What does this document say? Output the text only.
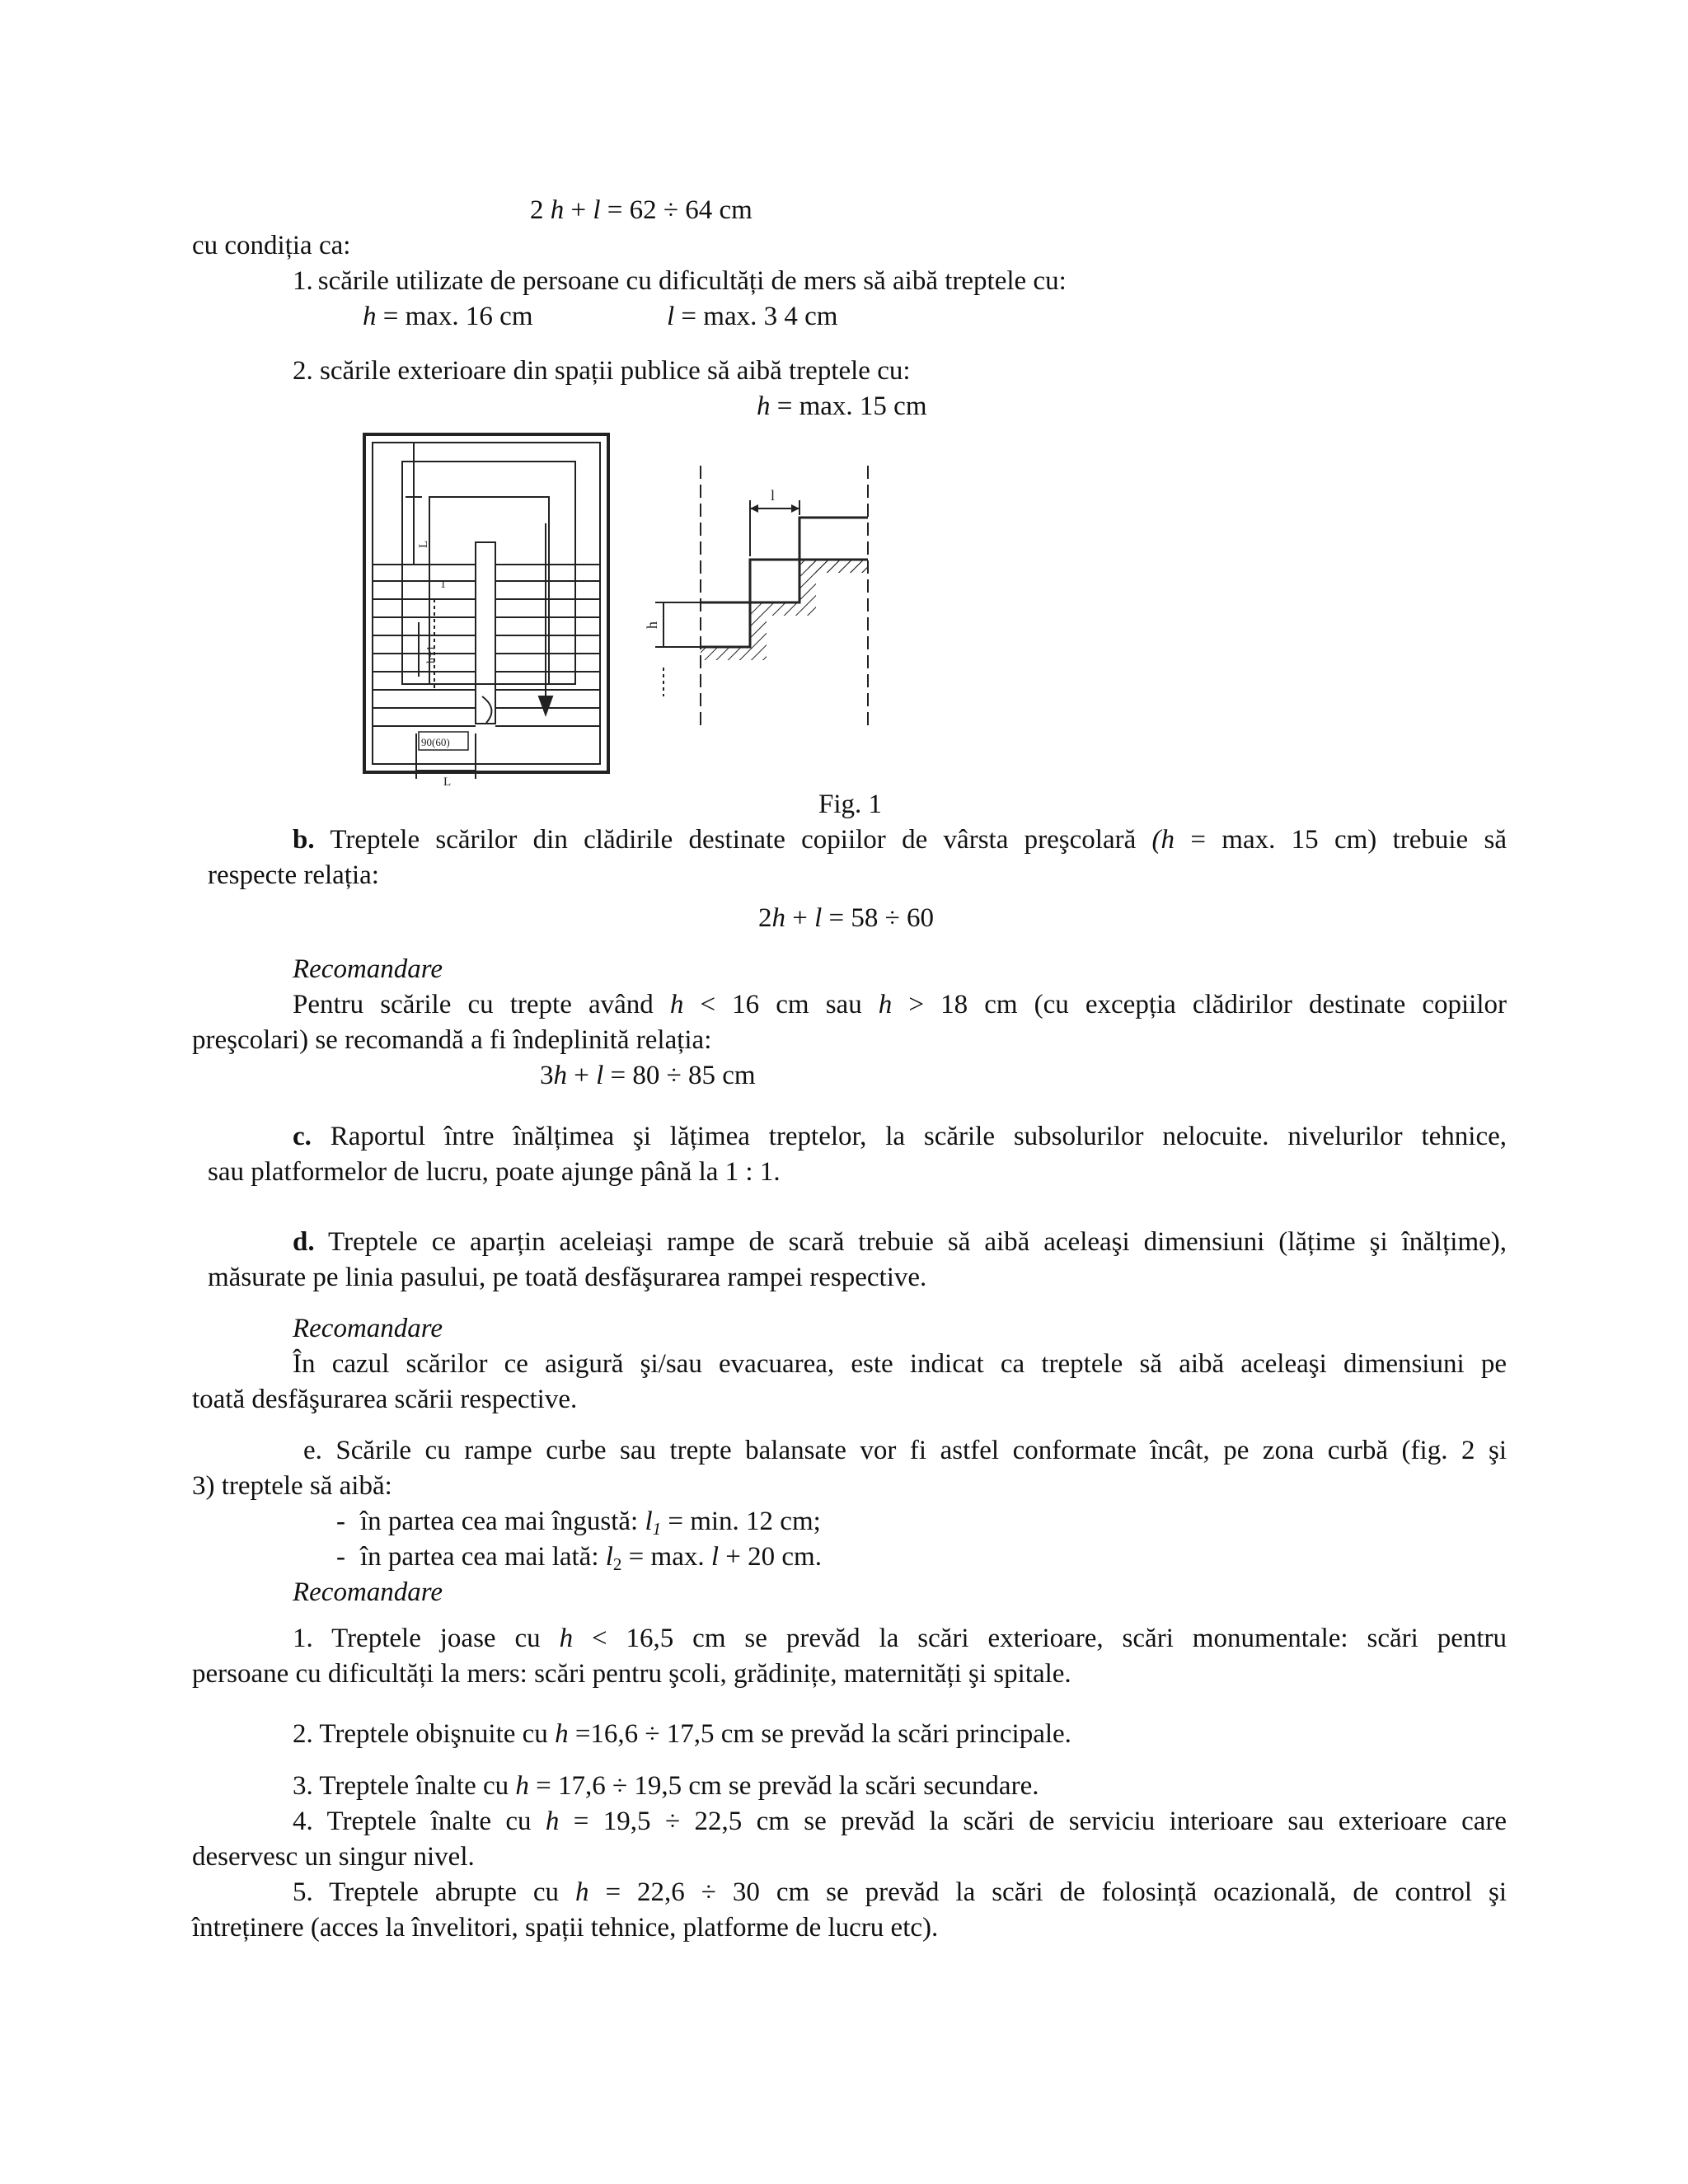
2 h + l = 62 ÷ 64 cm
cu condiția ca:
1. scările utilizate de persoane cu dificultăți de mers să aibă treptele cu:
h = max. 16 cm	l = max. 3 4 cm
2. scările exterioare din spații publice să aibă treptele cu:
h = max. 15 cm
L
h+1
1
L
90(60)
l
h
Fig. 1
b. Treptele scărilor din clădirile destinate copiilor de vârsta preşcolară (h = max. 15 cm) trebuie să
respecte relația:
2h + l = 58 ÷ 60
Recomandare
Pentru scările cu trepte având h < 16 cm sau h > 18 cm (cu excepția clădirilor destinate copiilor
preşcolari) se recomandă a fi îndeplinită relația:
3h + l = 80 ÷ 85 cm
c. Raportul între înălțimea şi lățimea treptelor, la scările subsolurilor nelocuite. nivelurilor tehnice,
sau platformelor de lucru, poate ajunge până la 1 : 1.
d. Treptele ce aparțin aceleiaşi rampe de scară trebuie să aibă aceleaşi dimensiuni (lățime şi înălțime),
măsurate pe linia pasului, pe toată desfăşurarea rampei respective.
Recomandare
În cazul scărilor ce asigură şi/sau evacuarea, este indicat ca treptele să aibă aceleaşi dimensiuni pe
toată desfăşurarea scării respective.
e. Scările cu rampe curbe sau trepte balansate vor fi astfel conformate încât, pe zona curbă (fig. 2 şi
3) treptele să aibă:
- în partea cea mai îngustă: $l_1 = \min$. 12 cm;
- în partea cea mai lată: $l_2 = \max$. l + 20 cm.
Recomandare
1. Treptele joase cu h < 16,5 cm se prevăd la scări exterioare, scări monumentale: scări pentru
persoane cu dificultăți la mers: scări pentru şcoli, grădinițe, maternități şi spitale.
2. Treptele obişnuite cu h =16,6 ÷ 17,5 cm se prevăd la scări principale.
3. Treptele înalte cu h = 17,6 ÷ 19,5 cm se prevăd la scări secundare.
4. Treptele înalte cu h = 19,5 ÷ 22,5 cm se prevăd la scări de serviciu interioare sau exterioare care
deservesc un singur nivel.
5. Treptele abrupte cu h = 22,6 ÷ 30 cm se prevăd la scări de folosință ocazională, de control şi
întreținere (acces la învelitori, spații tehnice, platforme de lucru etc).
